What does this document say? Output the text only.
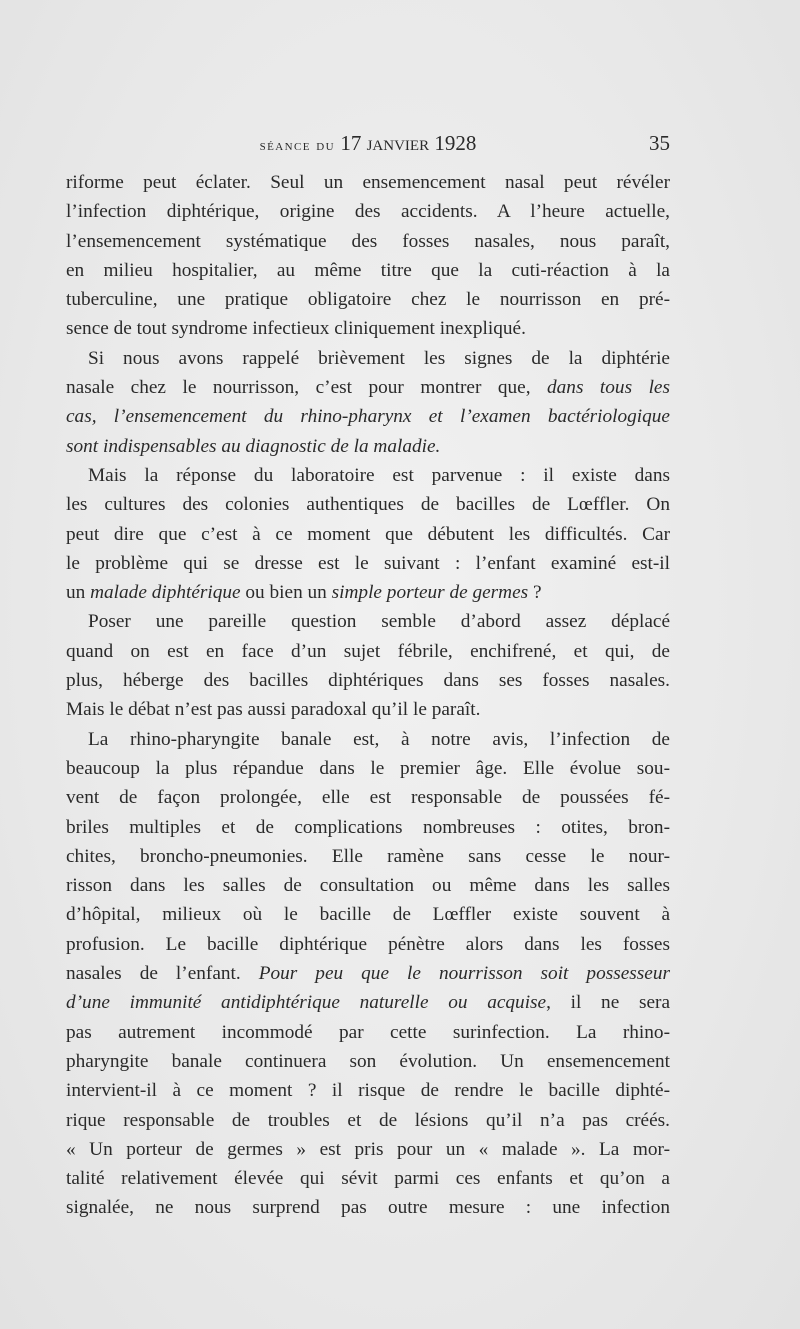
séance du 17 janvier 1928	35
riforme peut éclater. Seul un ensemencement nasal peut révéler
l’infection diphtérique, origine des accidents. A l’heure actuelle,
l’ensemencement systématique des fosses nasales, nous paraît,
en milieu hospitalier, au même titre que la cuti-réaction à la
tuberculine, une pratique obligatoire chez le nourrisson en pré-
sence de tout syndrome infectieux cliniquement inexpliqué.
Si nous avons rappelé brièvement les signes de la diphtérie
nasale chez le nourrisson, c’est pour montrer que, dans tous les
cas, l’ensemencement du rhino-pharynx et l’examen bactériologique
sont indispensables au diagnostic de la maladie.
Mais la réponse du laboratoire est parvenue : il existe dans
les cultures des colonies authentiques de bacilles de Lœffler. On
peut dire que c’est à ce moment que débutent les difficultés. Car
le problème qui se dresse est le suivant : l’enfant examiné est-il
un malade diphtérique ou bien un simple porteur de germes ?
Poser une pareille question semble d’abord assez déplacé
quand on est en face d’un sujet fébrile, enchifrené, et qui, de
plus, héberge des bacilles diphtériques dans ses fosses nasales.
Mais le débat n’est pas aussi paradoxal qu’il le paraît.
La rhino-pharyngite banale est, à notre avis, l’infection de
beaucoup la plus répandue dans le premier âge. Elle évolue sou-
vent de façon prolongée, elle est responsable de poussées fé-
briles multiples et de complications nombreuses : otites, bron-
chites, broncho-pneumonies. Elle ramène sans cesse le nour-
risson dans les salles de consultation ou même dans les salles
d’hôpital, milieux où le bacille de Lœffler existe souvent à
profusion. Le bacille diphtérique pénètre alors dans les fosses
nasales de l’enfant. Pour peu que le nourrisson soit possesseur
d’une immunité antidiphtérique naturelle ou acquise, il ne sera
pas autrement incommodé par cette surinfection. La rhino-
pharyngite banale continuera son évolution. Un ensemencement
intervient-il à ce moment ? il risque de rendre le bacille diphté-
rique responsable de troubles et de lésions qu’il n’a pas créés.
« Un porteur de germes » est pris pour un « malade ». La mor-
talité relativement élevée qui sévit parmi ces enfants et qu’on a
signalée, ne nous surprend pas outre mesure : une infection
